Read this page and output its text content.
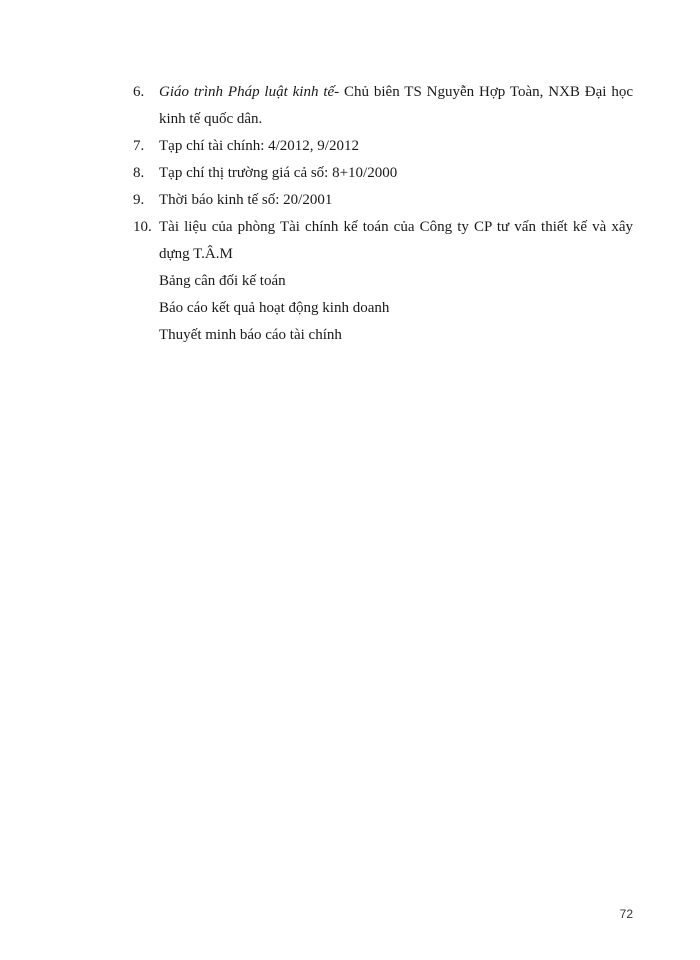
6. Giáo trình Pháp luật kinh tế- Chủ biên TS Nguyễn Hợp Toàn, NXB Đại học kinh tế quốc dân.
7. Tạp chí tài chính: 4/2012, 9/2012
8. Tạp chí thị trường giá cả số: 8+10/2000
9. Thời báo kinh tế số: 20/2001
10. Tài liệu của phòng Tài chính kế toán của Công ty CP tư vấn thiết kế và xây dựng T.Â.M
Bảng cân đối kế toán
Báo cáo kết quả hoạt động kinh doanh
Thuyết minh báo cáo tài chính
72
